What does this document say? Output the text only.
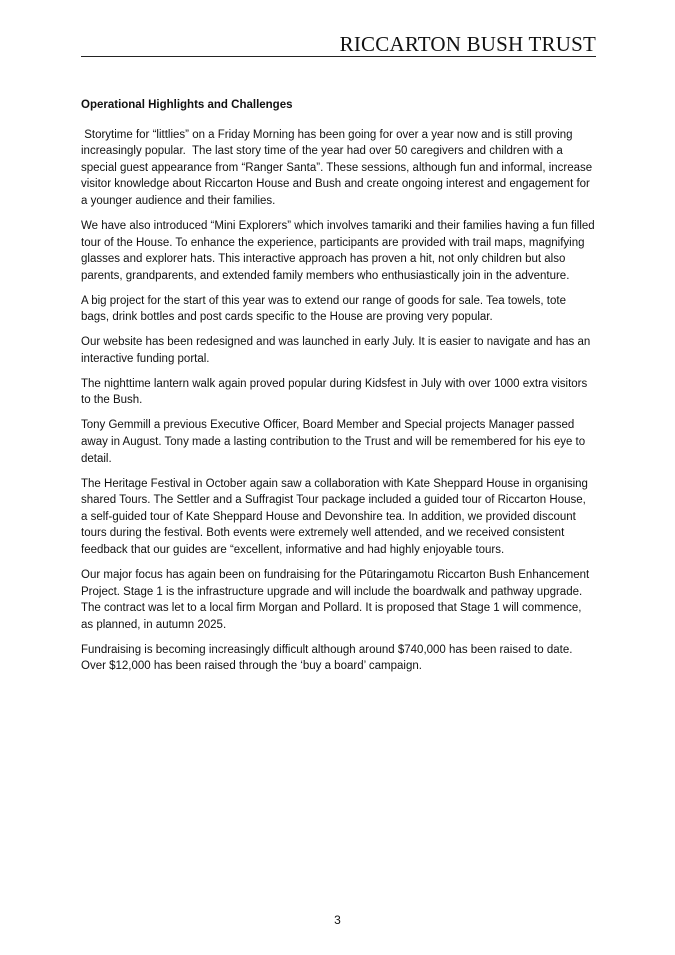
RICCARTON BUSH TRUST
Operational Highlights and Challenges

Storytime for “littlies” on a Friday Morning has been going for over a year now and is still proving increasingly popular.  The last story time of the year had over 50 caregivers and children with a special guest appearance from “Ranger Santa”. These sessions, although fun and informal, increase visitor knowledge about Riccarton House and Bush and create ongoing interest and engagement for a younger audience and their families.

We have also introduced “Mini Explorers” which involves tamariki and their families having a fun filled tour of the House. To enhance the experience, participants are provided with trail maps, magnifying glasses and explorer hats. This interactive approach has proven a hit, not only children but also parents, grandparents, and extended family members who enthusiastically join in the adventure.

A big project for the start of this year was to extend our range of goods for sale. Tea towels, tote bags, drink bottles and post cards specific to the House are proving very popular.

Our website has been redesigned and was launched in early July. It is easier to navigate and has an interactive funding portal.

The nighttime lantern walk again proved popular during Kidsfest in July with over 1000 extra visitors to the Bush.

Tony Gemmill a previous Executive Officer, Board Member and Special projects Manager passed away in August. Tony made a lasting contribution to the Trust and will be remembered for his eye to detail.

The Heritage Festival in October again saw a collaboration with Kate Sheppard House in organising shared Tours. The Settler and a Suffragist Tour package included a guided tour of Riccarton House, a self-guided tour of Kate Sheppard House and Devonshire tea. In addition, we provided discount tours during the festival. Both events were extremely well attended, and we received consistent feedback that our guides are “excellent, informative and had highly enjoyable tours.

Our major focus has again been on fundraising for the Pūtaringamotu Riccarton Bush Enhancement Project. Stage 1 is the infrastructure upgrade and will include the boardwalk and pathway upgrade. The contract was let to a local firm Morgan and Pollard. It is proposed that Stage 1 will commence, as planned, in autumn 2025.

Fundraising is becoming increasingly difficult although around $740,000 has been raised to date. Over $12,000 has been raised through the ‘buy a board’ campaign.

3
